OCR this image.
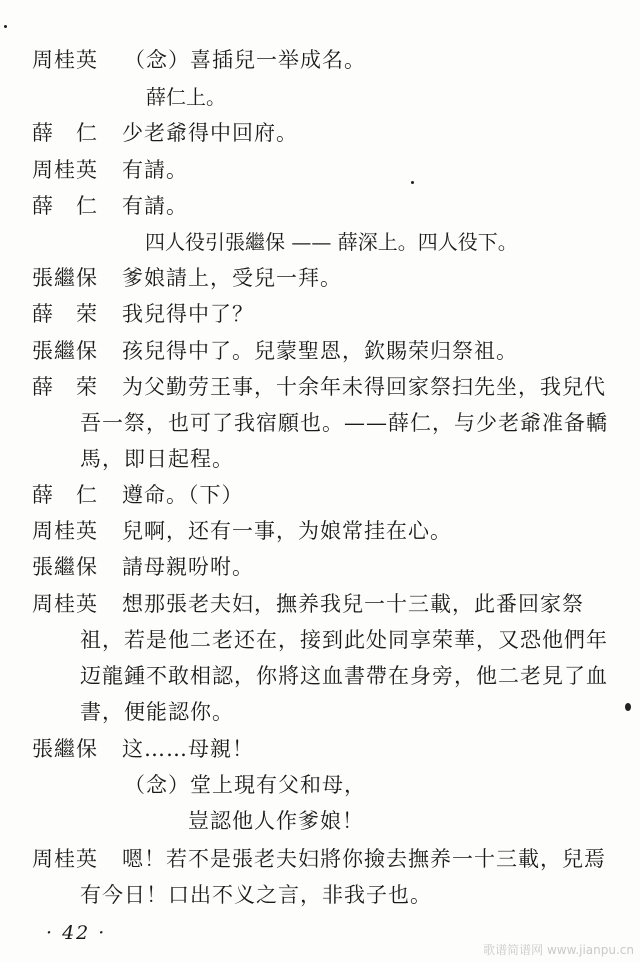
周桂英 （念）喜插兒一举成名。
薛仁上。
薛　仁 少老爺得中回府。
周桂英 有請。
薛　仁 有請。
四人役引張繼保 —— 薛深上。四人役下。
張繼保 爹娘請上，受兒一拜。
薛　荣 我兒得中了？
張繼保 孩兒得中了。兒蒙聖恩，欽賜荣归祭祖。
薛　荣 为父勤劳王事，十余年未得回家祭扫先坐，我兒代
吾一祭，也可了我宿願也。——薛仁，与少老爺准备轎
馬，即日起程。
薛　仁 遵命。（下）
周桂英 兒啊，还有一事，为娘常挂在心。
張繼保 請母親吩咐。
周桂英 想那張老夫妇，撫养我兒一十三載，此番回家祭
祖，若是他二老还在，接到此处同享荣華，又恐他們年
迈龍鍾不敢相認，你將这血書帶在身旁，他二老見了血
書，便能認你。
張繼保 这……母親！
（念）堂上現有父和母，
豈認他人作爹娘！
周桂英 嗯！若不是張老夫妇將你撿去撫养一十三載，兒焉
有今日！口出不义之言，非我子也。
· 42 ·
歌谱简谱网 www.jianpu.cn
